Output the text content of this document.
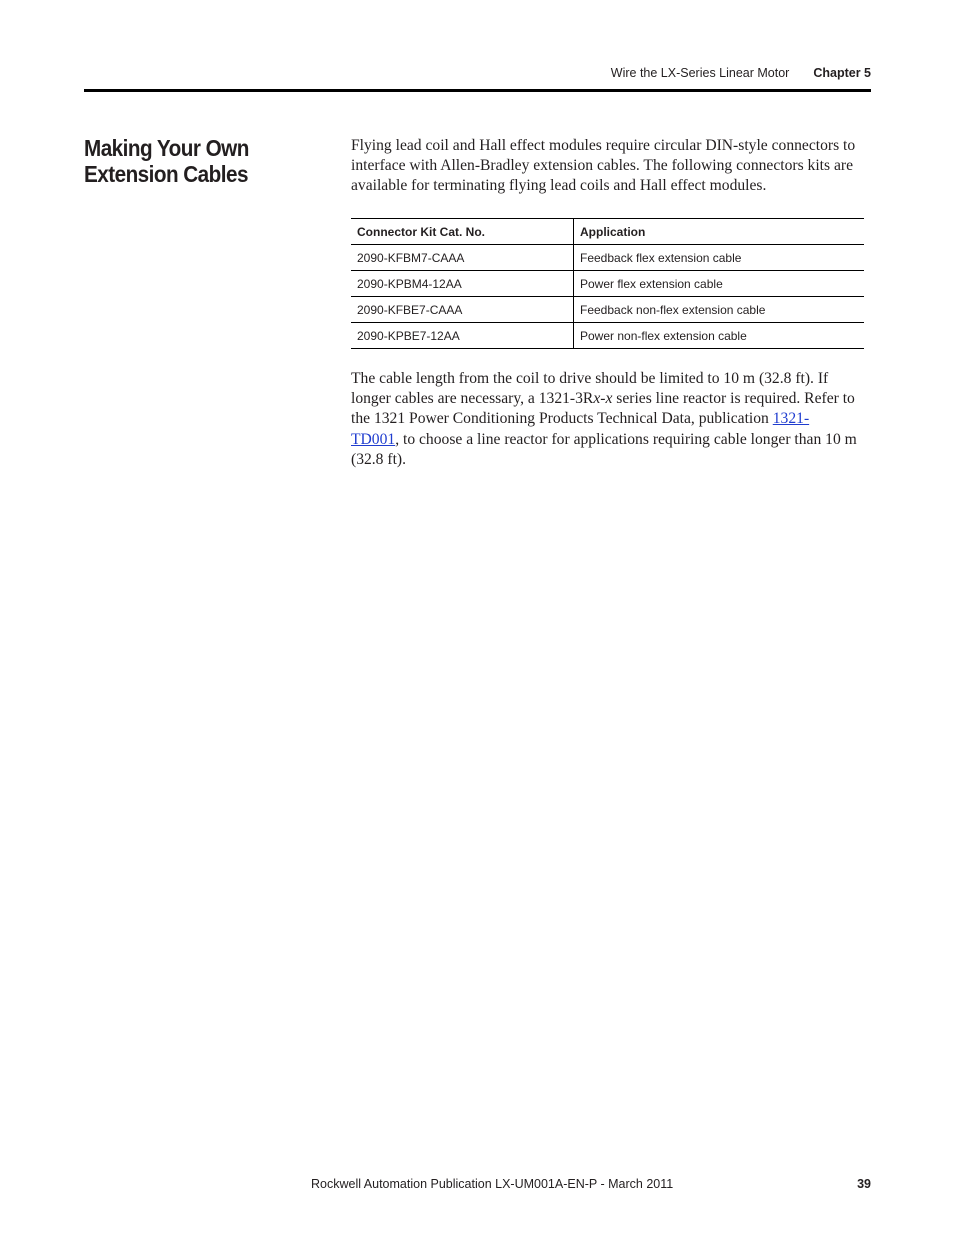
Wire the LX-Series Linear Motor Chapter 5
Making Your Own
Extension Cables

Flying lead coil and Hall effect modules require circular DIN-style connectors to interface with Allen-Bradley extension cables. The following connectors kits are available for terminating flying lead coils and Hall effect modules.

Connector Kit Cat. No.	Application
2090-KFBM7-CAAA	Feedback flex extension cable
2090-KPBM4-12AA	Power flex extension cable
2090-KFBE7-CAAA	Feedback non-flex extension cable
2090-KPBE7-12AA	Power non-flex extension cable

The cable length from the coil to drive should be limited to 10 m (32.8 ft). If longer cables are necessary, a 1321-3Rx-x series line reactor is required. Refer to the 1321 Power Conditioning Products Technical Data, publication 1321-
TD001, to choose a line reactor for applications requiring cable longer than 10 m (32.8 ft).

Rockwell Automation Publication LX-UM001A-EN-P - March 2011	39
